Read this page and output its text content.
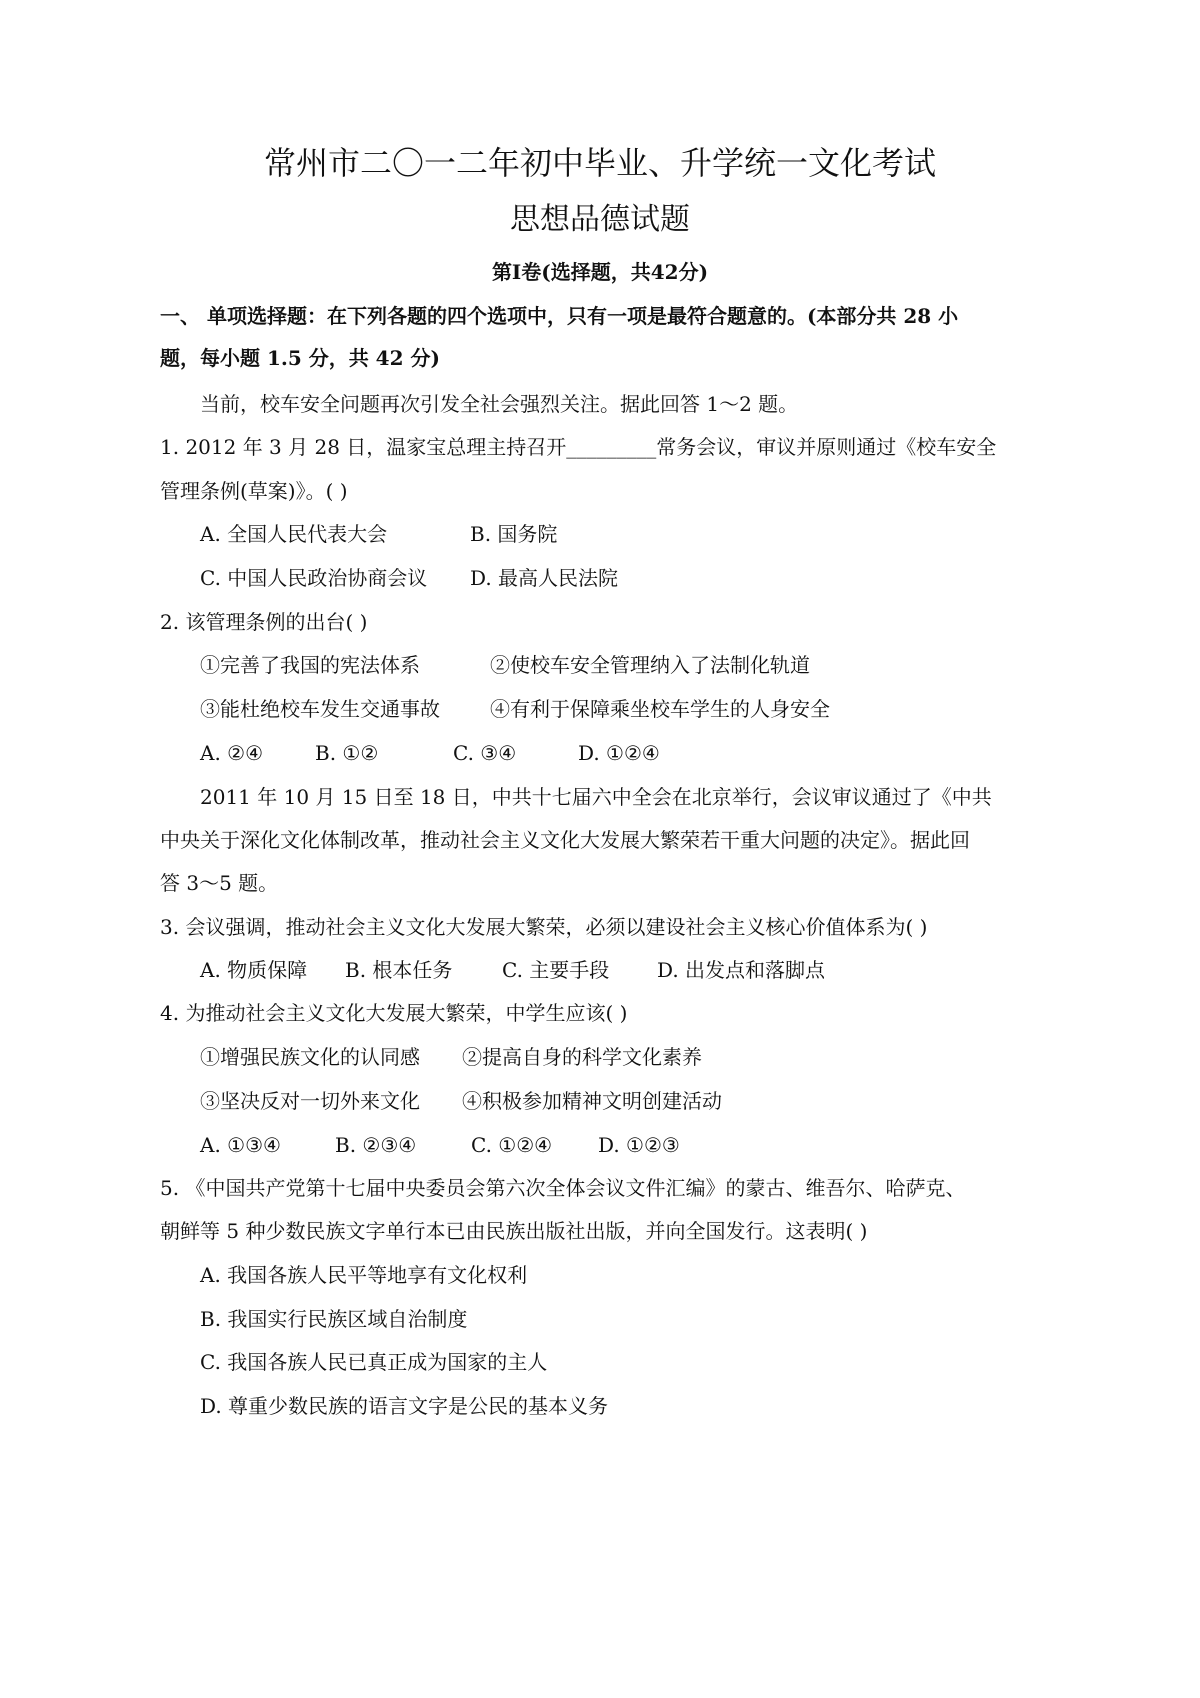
常州市二〇一二年初中毕业、升学统一文化考试
思想品德试题
第Ⅰ卷(选择题，共42分)
一、 单项选择题：在下列各题的四个选项中，只有一项是最符合题意的。(本部分共 28 小
题，每小题 1.5 分，共 42 分)
当前，校车安全问题再次引发全社会强烈关注。据此回答 1～2 题。
1. 2012 年 3 月 28 日，温家宝总理主持召开_________常务会议，审议并原则通过《校车安全
管理条例(草案)》。( )
A. 全国人民代表大会	B. 国务院
C. 中国人民政治协商会议 D. 最高人民法院
2. 该管理条例的出台( )
①完善了我国的宪法体系	②使校车安全管理纳入了法制化轨道
③能杜绝校车发生交通事故	④有利于保障乘坐校车学生的人身安全
A. ②④	B. ①②	C. ③④	D. ①②④
2011 年 10 月 15 日至 18 日，中共十七届六中全会在北京举行，会议审议通过了《中共
中央关于深化文化体制改革，推动社会主义文化大发展大繁荣若干重大问题的决定》。据此回
答 3～5 题。
3. 会议强调，推动社会主义文化大发展大繁荣，必须以建设社会主义核心价值体系为( )
A. 物质保障 B. 根本任务 C. 主要手段 D. 出发点和落脚点
4. 为推动社会主义文化大发展大繁荣，中学生应该( )
①增强民族文化的认同感 ②提高自身的科学文化素养
③坚决反对一切外来文化 ④积极参加精神文明创建活动
A. ①③④	B. ②③④	C. ①②④ D. ①②③
5. 《中国共产党第十七届中央委员会第六次全体会议文件汇编》的蒙古、维吾尔、哈萨克、
朝鲜等 5 种少数民族文字单行本已由民族出版社出版，并向全国发行。这表明( )
A. 我国各族人民平等地享有文化权利
B. 我国实行民族区域自治制度
C. 我国各族人民已真正成为国家的主人
D. 尊重少数民族的语言文字是公民的基本义务
